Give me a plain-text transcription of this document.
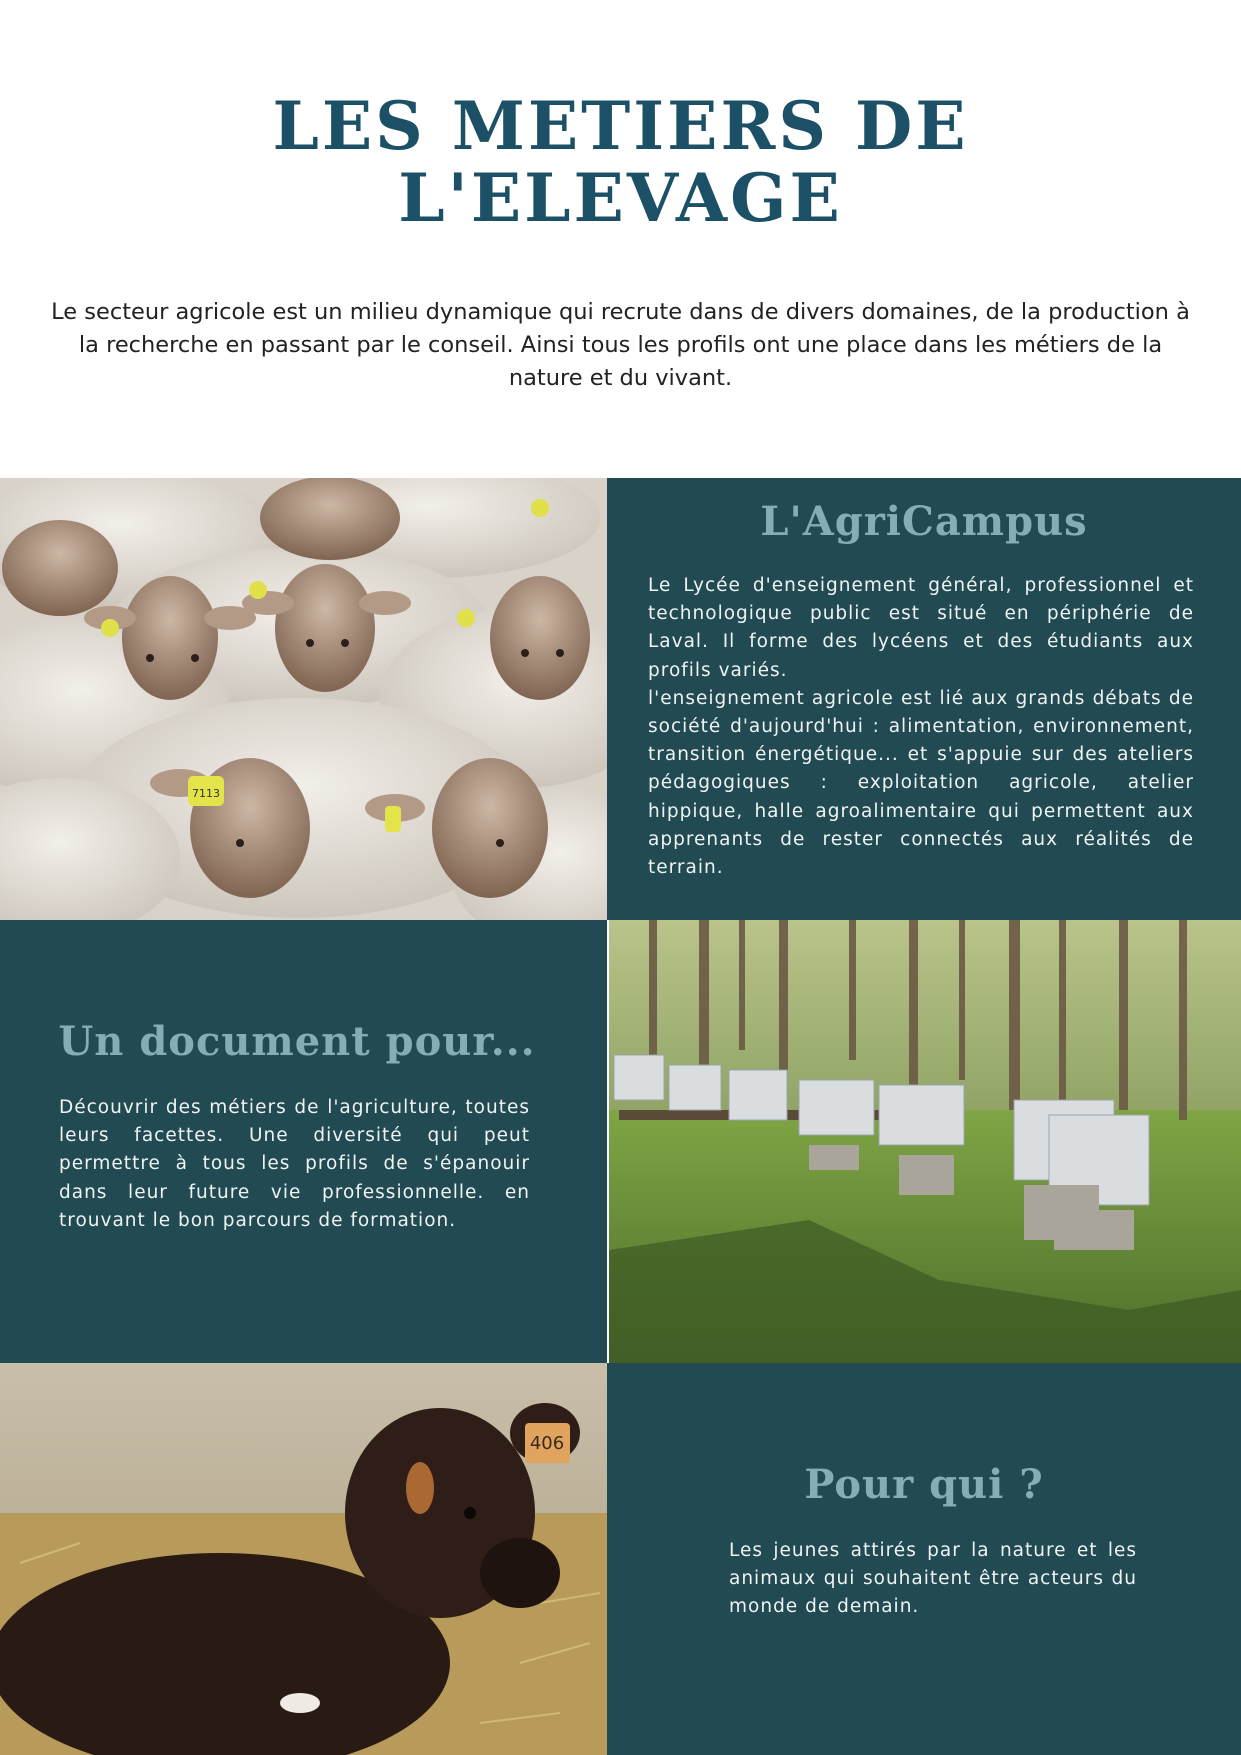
LES METIERS DE
L'ELEVAGE

Le secteur agricole est un milieu dynamique qui recrute dans de divers domaines, de la production à la recherche en passant par le conseil. Ainsi tous les profils ont une place dans les métiers de la nature et du vivant.

7113
L'AgriCampus

Le Lycée d'enseignement général, professionnel et technologique public est situé en périphérie de Laval. Il forme des lycéens et des étudiants aux profils variés.

l'enseignement agricole est lié aux grands débats de société d'aujourd'hui : alimentation, environnement, transition énergétique... et s'appuie sur des ateliers pédagogiques : exploitation agricole, atelier hippique, halle agroalimentaire qui permettent aux apprenants de rester connectés aux réalités de terrain.

Un document pour...

Découvrir des métiers de l'agriculture, toutes leurs facettes. Une diversité qui peut permettre à tous les profils de s'épanouir dans leur future vie professionnelle. en trouvant le bon parcours de formation.

406
Pour qui ?

Les jeunes attirés par la nature et les animaux qui souhaitent être acteurs du monde de demain.
